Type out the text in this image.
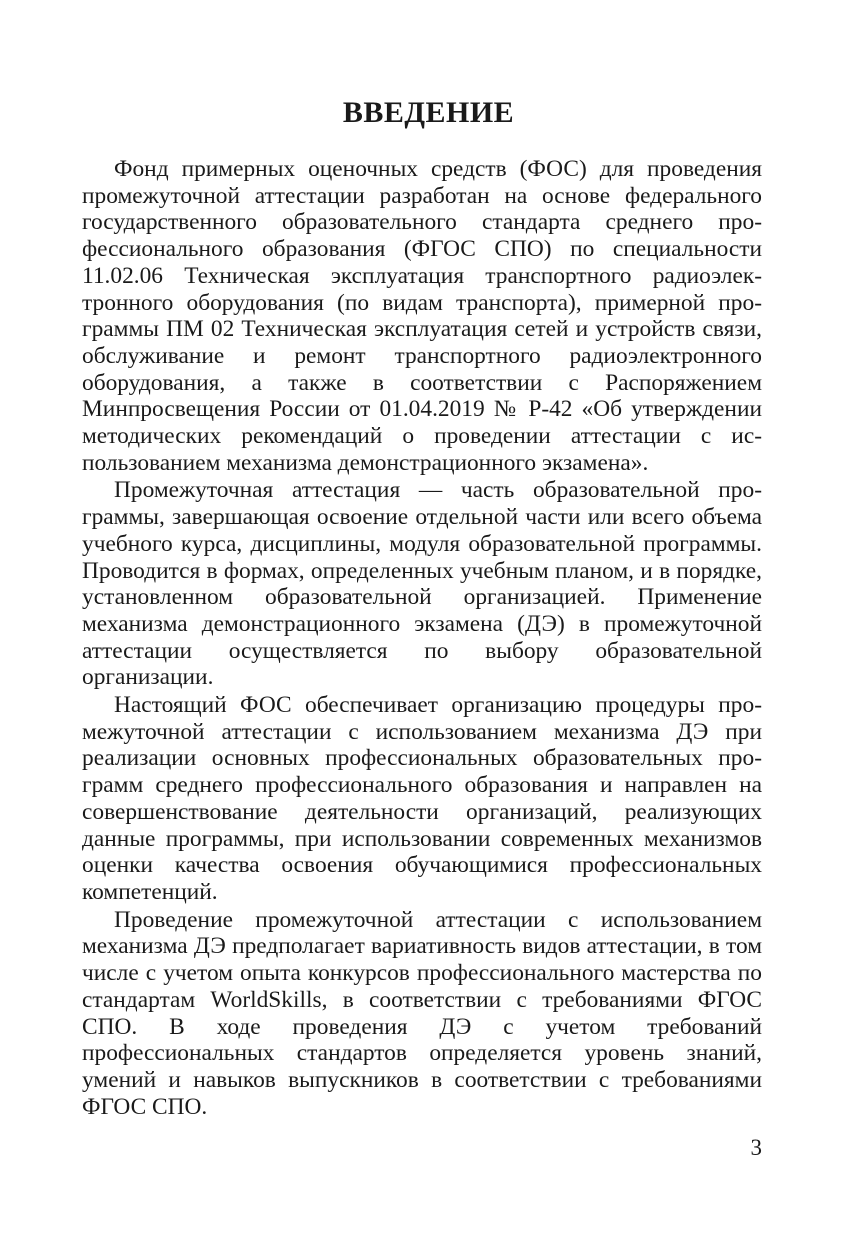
ВВЕДЕНИЕ

Фонд примерных оценочных средств (ФОС) для проведения промежуточной аттестации разработан на основе федерального государственного образовательного стандарта среднего профессионального образования (ФГОС СПО) по специальности 11.02.06 Техническая эксплуатация транспортного радиоэлектронного оборудования (по видам транспорта), примерной программы ПМ 02 Техническая эксплуатация сетей и устройств связи, обслуживание и ремонт транспортного радиоэлектронного оборудования, а также в соответствии с Распоряжением Минпросвещения России от 01.04.2019 № Р-42 «Об утверждении методических рекомендаций о проведении аттестации с использованием механизма демонстрационного экзамена».

Промежуточная аттестация — часть образовательной программы, завершающая освоение отдельной части или всего объема учебного курса, дисциплины, модуля образовательной программы. Проводится в формах, определенных учебным планом, и в порядке, установленном образовательной организацией. Применение механизма демонстрационного экзамена (ДЭ) в промежуточной аттестации осуществляется по выбору образовательной организации.

Настоящий ФОС обеспечивает организацию процедуры промежуточной аттестации с использованием механизма ДЭ при реализации основных профессиональных образовательных программ среднего профессионального образования и направлен на совершенствование деятельности организаций, реализующих данные программы, при использовании современных механизмов оценки качества освоения обучающимися профессиональных компетенций.

Проведение промежуточной аттестации с использованием механизма ДЭ предполагает вариативность видов аттестации, в том числе с учетом опыта конкурсов профессионального мастерства по стандартам WorldSkills, в соответствии с требованиями ФГОС СПО. В ходе проведения ДЭ с учетом требований профессиональных стандартов определяется уровень знаний, умений и навыков выпускников в соответствии с требованиями ФГОС СПО.

3
